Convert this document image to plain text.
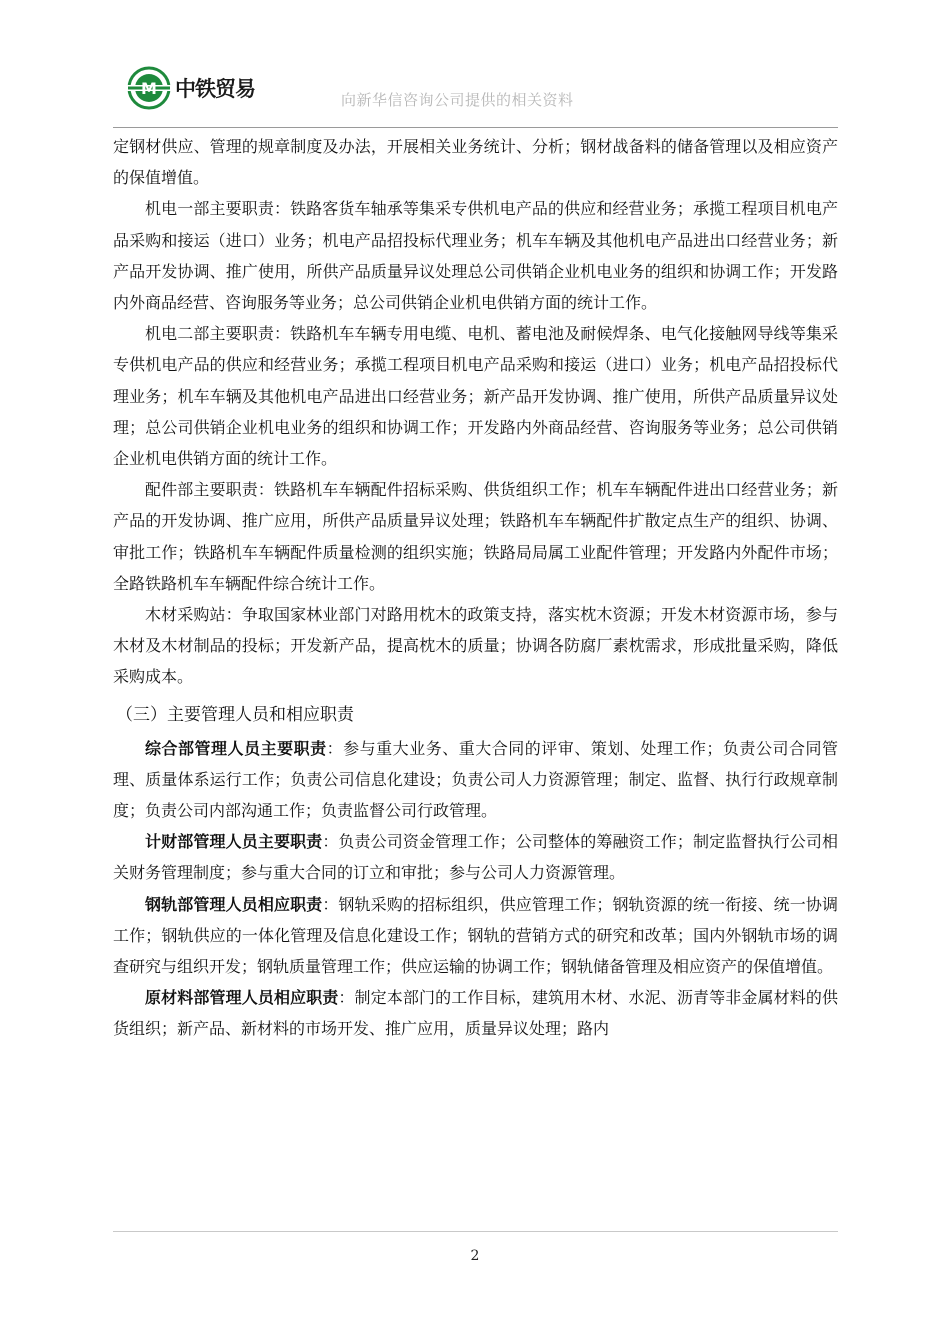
M 中铁贸易	向新华信咨询公司提供的相关资料

定钢材供应、管理的规章制度及办法，开展相关业务统计、分析；钢材战备料的储备管理以及相应资产的保值增值。

机电一部主要职责：铁路客货车轴承等集采专供机电产品的供应和经营业务；承揽工程项目机电产品采购和接运（进口）业务；机电产品招投标代理业务；机车车辆及其他机电产品进出口经营业务；新产品开发协调、推广使用，所供产品质量异议处理总公司供销企业机电业务的组织和协调工作；开发路内外商品经营、咨询服务等业务；总公司供销企业机电供销方面的统计工作。

机电二部主要职责：铁路机车车辆专用电缆、电机、蓄电池及耐候焊条、电气化接触网导线等集采专供机电产品的供应和经营业务；承揽工程项目机电产品采购和接运（进口）业务；机电产品招投标代理业务；机车车辆及其他机电产品进出口经营业务；新产品开发协调、推广使用，所供产品质量异议处理；总公司供销企业机电业务的组织和协调工作；开发路内外商品经营、咨询服务等业务；总公司供销企业机电供销方面的统计工作。

配件部主要职责：铁路机车车辆配件招标采购、供货组织工作；机车车辆配件进出口经营业务；新产品的开发协调、推广应用，所供产品质量异议处理；铁路机车车辆配件扩散定点生产的组织、协调、审批工作；铁路机车车辆配件质量检测的组织实施；铁路局局属工业配件管理；开发路内外配件市场；全路铁路机车车辆配件综合统计工作。

木材采购站：争取国家林业部门对路用枕木的政策支持，落实枕木资源；开发木材资源市场，参与木材及木材制品的投标；开发新产品，提高枕木的质量；协调各防腐厂素枕需求，形成批量采购，降低采购成本。

（三）主要管理人员和相应职责

综合部管理人员主要职责：参与重大业务、重大合同的评审、策划、处理工作；负责公司合同管理、质量体系运行工作；负责公司信息化建设；负责公司人力资源管理；制定、监督、执行行政规章制度；负责公司内部沟通工作；负责监督公司行政管理。

计财部管理人员主要职责：负责公司资金管理工作；公司整体的筹融资工作；制定监督执行公司相关财务管理制度；参与重大合同的订立和审批；参与公司人力资源管理。

钢轨部管理人员相应职责：钢轨采购的招标组织，供应管理工作；钢轨资源的统一衔接、统一协调工作；钢轨供应的一体化管理及信息化建设工作；钢轨的营销方式的研究和改革；国内外钢轨市场的调查研究与组织开发；钢轨质量管理工作；供应运输的协调工作；钢轨储备管理及相应资产的保值增值。

原材料部管理人员相应职责：制定本部门的工作目标，建筑用木材、水泥、沥青等非金属材料的供货组织；新产品、新材料的市场开发、推广应用，质量异议处理；路内

2
